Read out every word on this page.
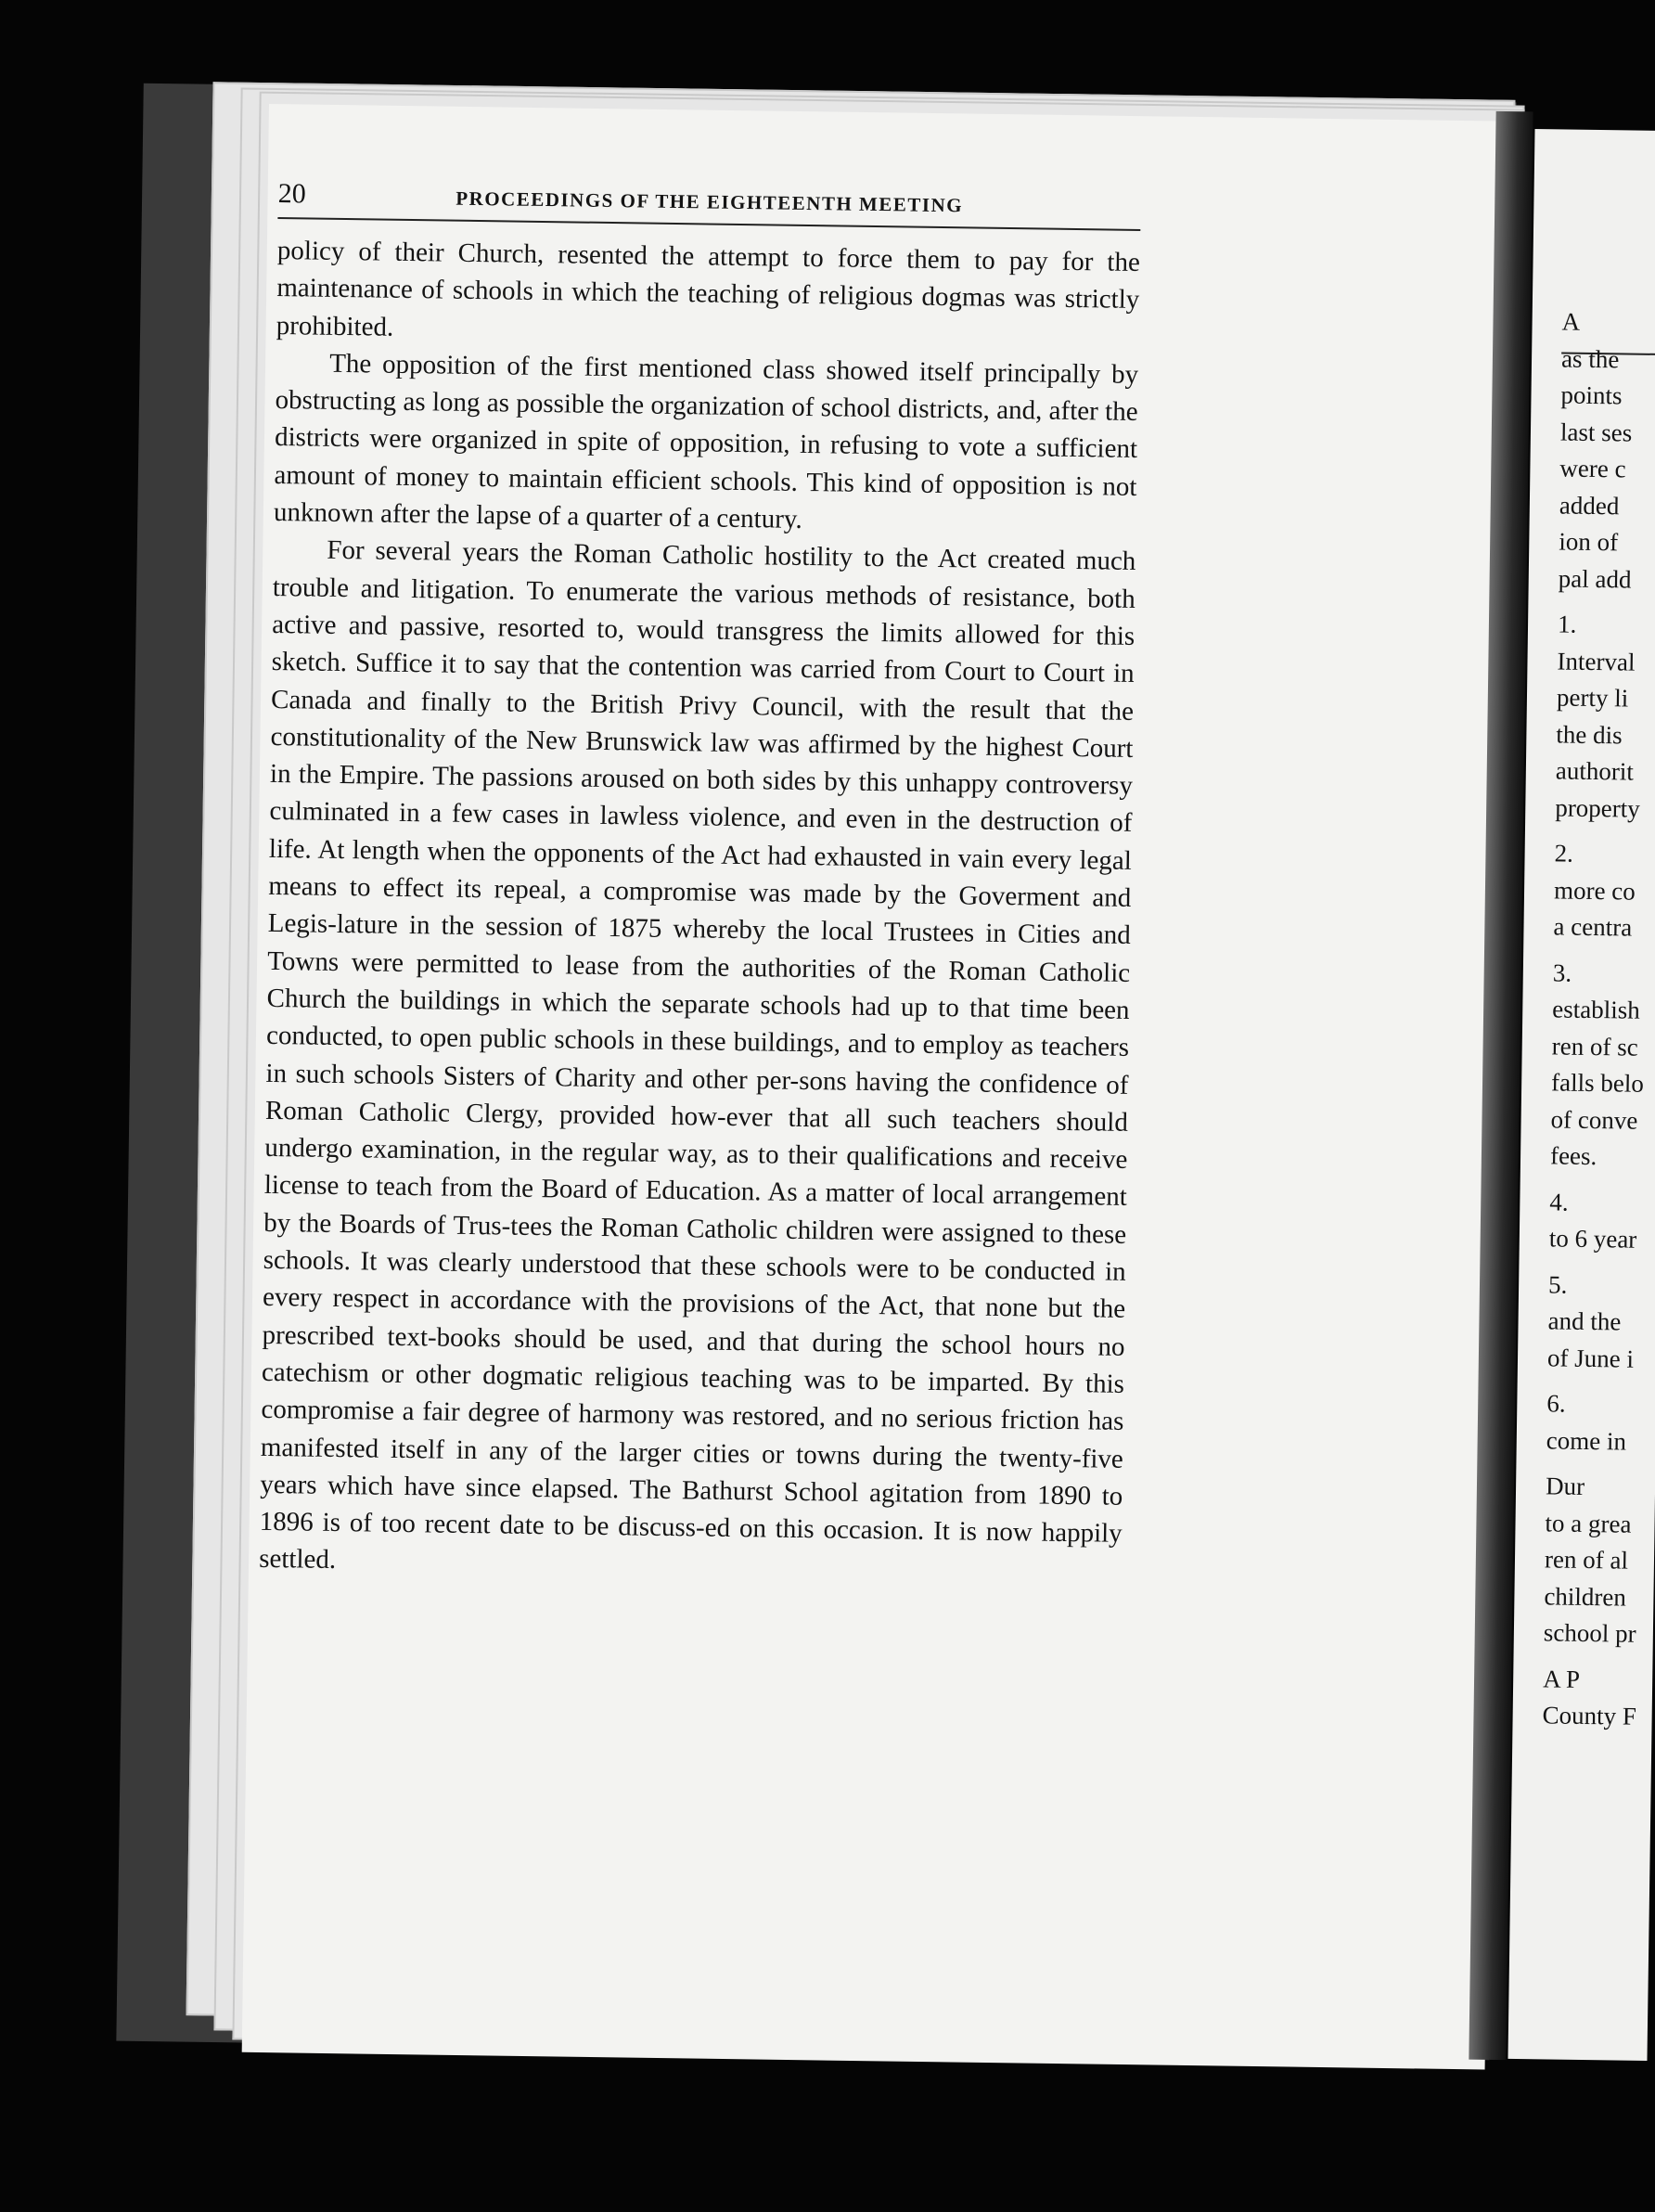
A
as the
points
last ses
were c
added
ion of
pal add
1.
Interval
perty li
the dis
authorit
property
2.
more co
a centra
3.
establish
ren of sc
falls belo
of conve
fees.
4.
to 6 year
5.
and the
of June i
6.
come in
Dur
to a grea
ren of al
children
school pr
A P
County F
20	PROCEEDINGS OF THE EIGHTEENTH MEETING

policy of their Church, resented the attempt to force them to pay for the maintenance of schools in which the teaching of religious dogmas was strictly prohibited.

The opposition of the first mentioned class showed itself principally by obstructing as long as possible the organization of school districts, and, after the districts were organized in spite of opposition, in refusing to vote a sufficient amount of money to maintain efficient schools. This kind of opposition is not unknown after the lapse of a quarter of a century.

For several years the Roman Catholic hostility to the Act created much trouble and litigation. To enumerate the various methods of resistance, both active and passive, resorted to, would transgress the limits allowed for this sketch. Suffice it to say that the contention was carried from Court to Court in Canada and finally to the British Privy Council, with the result that the constitutionality of the New Brunswick law was affirmed by the highest Court in the Empire. The passions aroused on both sides by this unhappy controversy culminated in a few cases in lawless violence, and even in the destruction of life. At length when the opponents of the Act had exhausted in vain every legal means to effect its repeal, a compromise was made by the Goverment and Legis-lature in the session of 1875 whereby the local Trustees in Cities and Towns were permitted to lease from the authorities of the Roman Catholic Church the buildings in which the separate schools had up to that time been conducted, to open public schools in these buildings, and to employ as teachers in such schools Sisters of Charity and other per-sons having the confidence of Roman Catholic Clergy, provided how-ever that all such teachers should undergo examination, in the regular way, as to their qualifications and receive license to teach from the Board of Education. As a matter of local arrangement by the Boards of Trus-tees the Roman Catholic children were assigned to these schools. It was clearly understood that these schools were to be conducted in every respect in accordance with the provisions of the Act, that none but the prescribed text-books should be used, and that during the school hours no catechism or other dogmatic religious teaching was to be imparted. By this compromise a fair degree of harmony was restored, and no serious friction has manifested itself in any of the larger cities or towns during the twenty-five years which have since elapsed. The Bathurst School agitation from 1890 to 1896 is of too recent date to be discuss-ed on this occasion. It is now happily settled.
